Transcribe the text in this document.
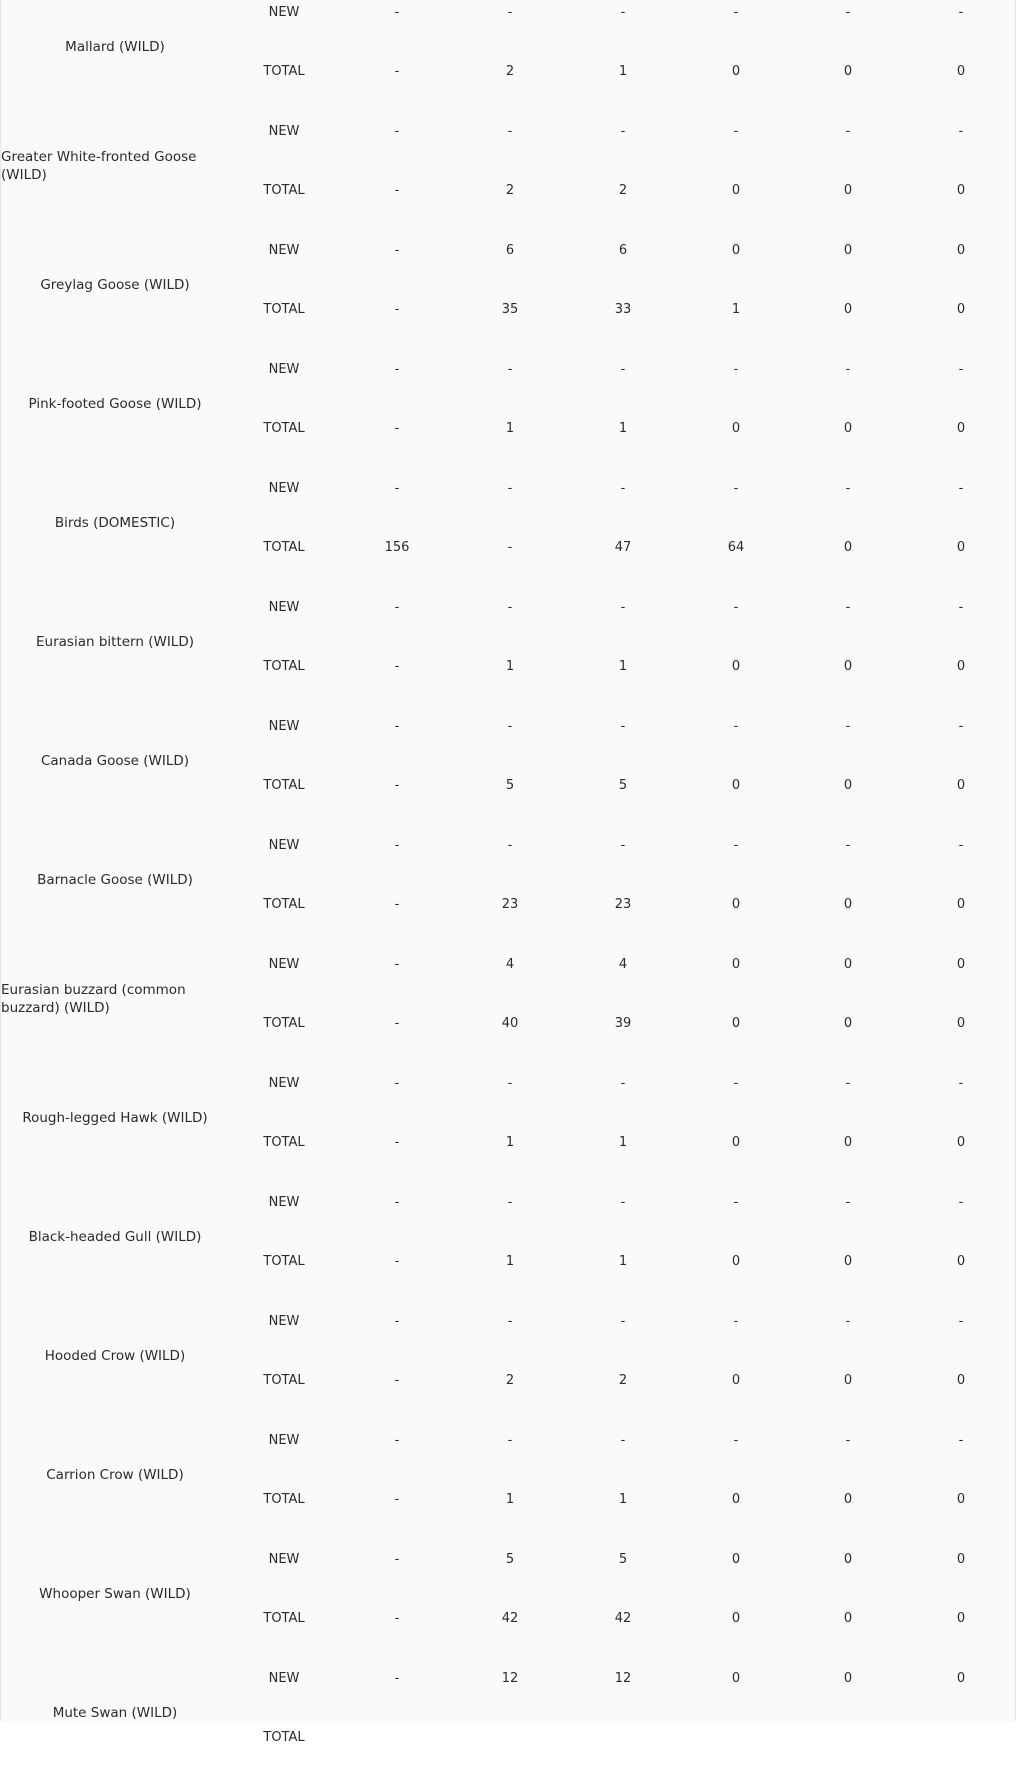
Mallard (WILD)
NEW	-	-	-	-	-	-
TOTAL	-	2	1	0	0	0
Greater White-fronted Goose (WILD)
NEW	-	-	-	-	-	-
TOTAL	-	2	2	0	0	0
Greylag Goose (WILD)
NEW	-	6	6	0	0	0
TOTAL	-	35	33	1	0	0
Pink-footed Goose (WILD)
NEW	-	-	-	-	-	-
TOTAL	-	1	1	0	0	0
Birds (DOMESTIC)
NEW	-	-	-	-	-	-
TOTAL	156	-	47	64	0	0
Eurasian bittern (WILD)
NEW	-	-	-	-	-	-
TOTAL	-	1	1	0	0	0
Canada Goose (WILD)
NEW	-	-	-	-	-	-
TOTAL	-	5	5	0	0	0
Barnacle Goose (WILD)
NEW	-	-	-	-	-	-
TOTAL	-	23	23	0	0	0
Eurasian buzzard (common buzzard) (WILD)
NEW	-	4	4	0	0	0
TOTAL	-	40	39	0	0	0
Rough-legged Hawk (WILD)
NEW	-	-	-	-	-	-
TOTAL	-	1	1	0	0	0
Black-headed Gull (WILD)
NEW	-	-	-	-	-	-
TOTAL	-	1	1	0	0	0
Hooded Crow (WILD)
NEW	-	-	-	-	-	-
TOTAL	-	2	2	0	0	0
Carrion Crow (WILD)
NEW	-	-	-	-	-	-
TOTAL	-	1	1	0	0	0
Whooper Swan (WILD)
NEW	-	5	5	0	0	0
TOTAL	-	42	42	0	0	0
Mute Swan (WILD)
NEW	-	12	12	0	0	0
TOTAL
